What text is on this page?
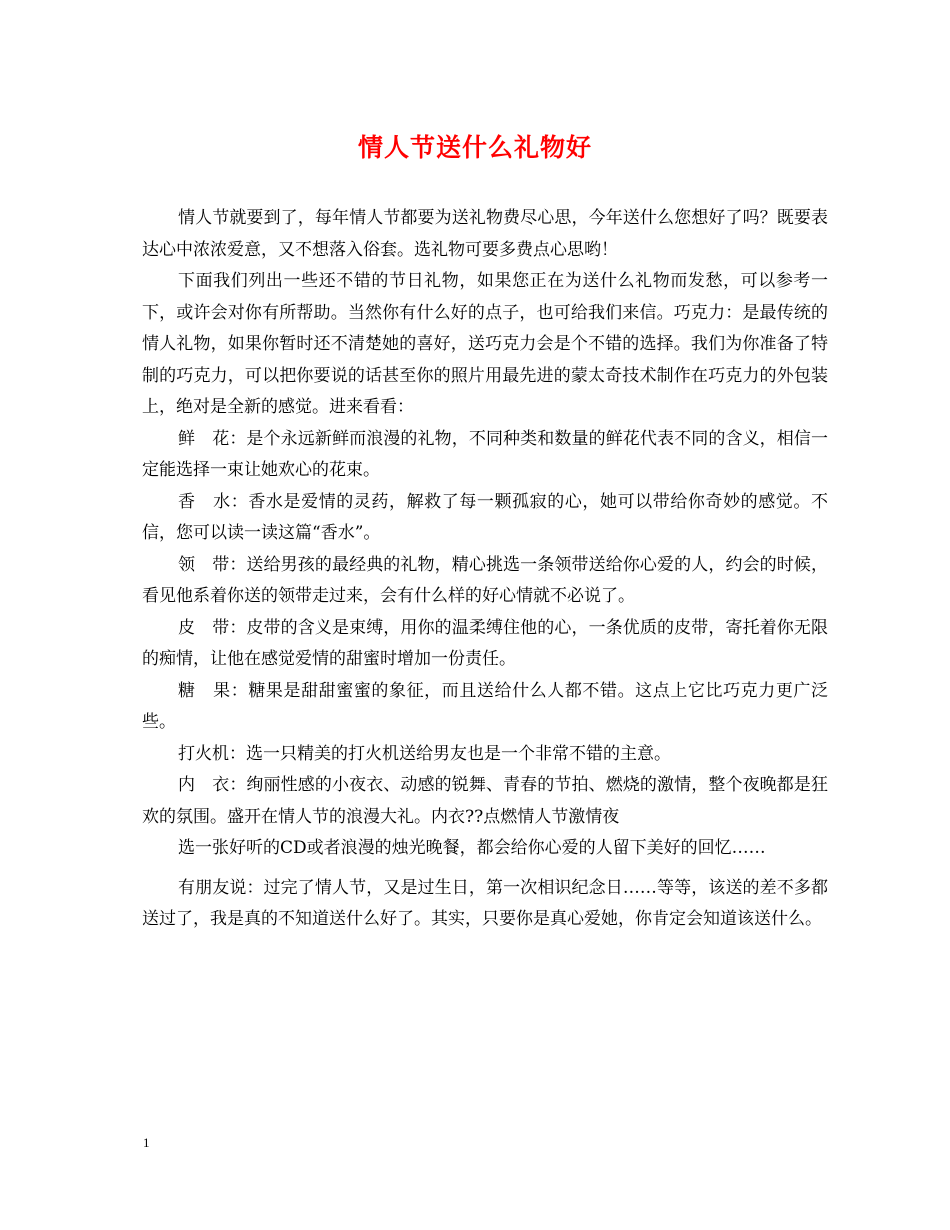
情人节送什么礼物好

情人节就要到了，每年情人节都要为送礼物费尽心思，今年送什么您想好了吗？既要表达心中浓浓爱意，又不想落入俗套。选礼物可要多费点心思哟！

下面我们列出一些还不错的节日礼物，如果您正在为送什么礼物而发愁，可以参考一下，或许会对你有所帮助。当然你有什么好的点子，也可给我们来信。巧克力：是最传统的情人礼物，如果你暂时还不清楚她的喜好，送巧克力会是个不错的选择。我们为你准备了特制的巧克力，可以把你要说的话甚至你的照片用最先进的蒙太奇技术制作在巧克力的外包装上，绝对是全新的感觉。进来看看：

鲜　花：是个永远新鲜而浪漫的礼物，不同种类和数量的鲜花代表不同的含义，相信一定能选择一束让她欢心的花束。

香　水：香水是爱情的灵药，解救了每一颗孤寂的心，她可以带给你奇妙的感觉。不信，您可以读一读这篇“香水”。

领　带：送给男孩的最经典的礼物，精心挑选一条领带送给你心爱的人，约会的时候，看见他系着你送的领带走过来，会有什么样的好心情就不必说了。

皮　带：皮带的含义是束缚，用你的温柔缚住他的心，一条优质的皮带，寄托着你无限的痴情，让他在感觉爱情的甜蜜时增加一份责任。

糖　果：糖果是甜甜蜜蜜的象征，而且送给什么人都不错。这点上它比巧克力更广泛些。

打火机：选一只精美的打火机送给男友也是一个非常不错的主意。

内　衣：绚丽性感的小夜衣、动感的锐舞、青春的节拍、燃烧的激情，整个夜晚都是狂欢的氛围。盛开在情人节的浪漫大礼。内衣??点燃情人节激情夜

选一张好听的CD或者浪漫的烛光晚餐，都会给你心爱的人留下美好的回忆……

有朋友说：过完了情人节，又是过生日，第一次相识纪念日……等等，该送的差不多都送过了，我是真的不知道送什么好了。其实，只要你是真心爱她，你肯定会知道该送什么。

1
